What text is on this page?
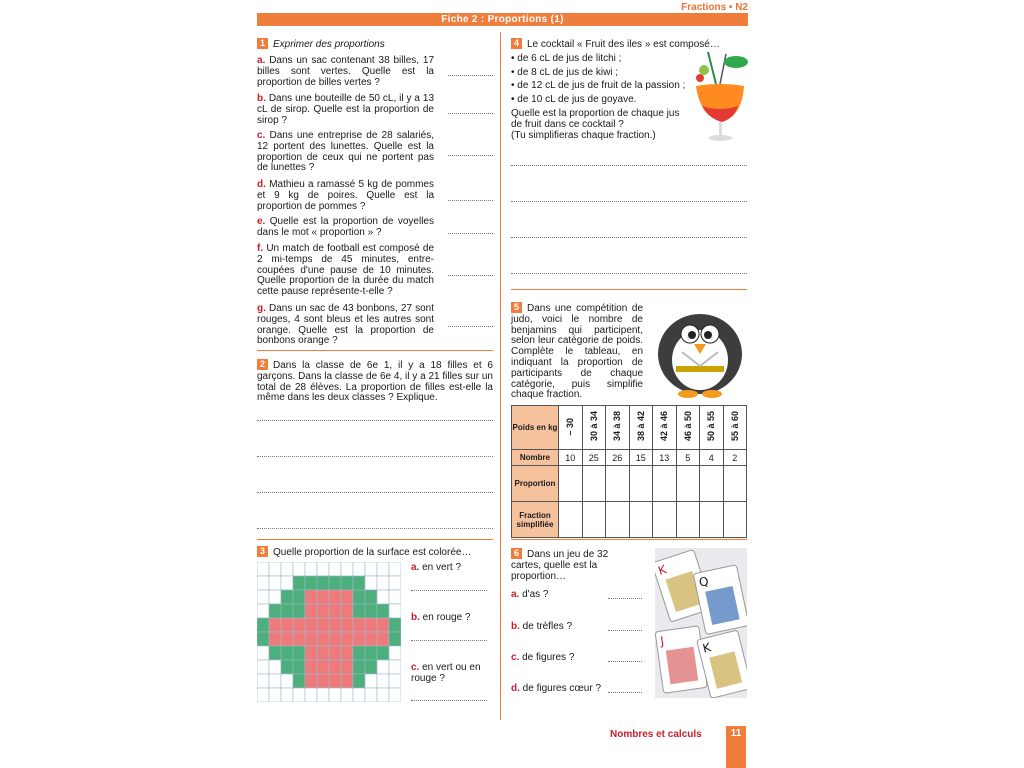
Fractions • N2
Fiche 2 : Proportions (1)
1 Exprimer des proportions
a. Dans un sac contenant 38 billes, 17 billes sont vertes. Quelle est la proportion de billes vertes ?
b. Dans une bouteille de 50 cL, il y a 13 cL de sirop. Quelle est la proportion de sirop ?
c. Dans une entreprise de 28 salariés, 12 portent des lunettes. Quelle est la proportion de ceux qui ne portent pas de lunettes ?
d. Mathieu a ramassé 5 kg de pommes et 9 kg de poires. Quelle est la proportion de pommes ?
e. Quelle est la proportion de voyelles dans le mot « proportion » ?
f. Un match de football est composé de 2 mi-temps de 45 minutes, entre-coupées d'une pause de 10 minutes. Quelle proportion de la durée du match cette pause représente-t-elle ?
g. Dans un sac de 43 bonbons, 27 sont rouges, 4 sont bleus et les autres sont orange. Quelle est la proportion de bonbons orange ?
2 Dans la classe de 6e 1, il y a 18 filles et 6 garçons. Dans la classe de 6e 4, il y a 21 filles sur un total de 28 élèves. La proportion de filles est-elle la même dans les deux classes ? Explique.
3 Quelle proportion de la surface est colorée…
a. en vert ?
b. en rouge ?
c. en vert ou en rouge ?
4 Le cocktail « Fruit des iles » est composé…
• de 6 cL de jus de litchi ;
• de 8 cL de jus de kiwi ;
• de 12 cL de jus de fruit de la passion ;
• de 10 cL de jus de goyave.
Quelle est la proportion de chaque jus de fruit dans ce cocktail ?
(Tu simplifieras chaque fraction.)
5 Dans une compétition de judo, voici le nombre de benjamins qui participent, selon leur catégorie de poids. Complète le tableau, en indiquant la proportion de participants de chaque catégorie, puis simplifie chaque fraction.
Poids en kg	– 30	30 à 34	34 à 38	38 à 42	42 à 46	46 à 50	50 à 55	55 à 60
Nombre	10	25	26	15	13	5	4	2
Proportion								
Fraction simplifiée								
6 Dans un jeu de 32 cartes, quelle est la proportion…
a. d'as ?
b. de trèfles ?
c. de figures ?
d. de figures cœur ?
K
Q
J	K
Nombres et calculs	11
